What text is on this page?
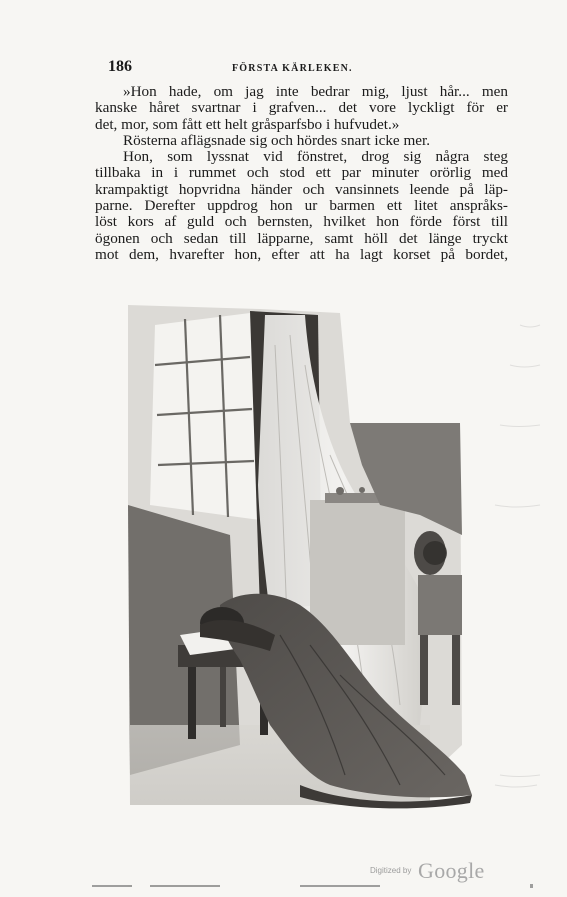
186	FÖRSTA KÄRLEKEN.

»Hon hade, om jag inte bedrar mig, ljust hår... men
kanske håret svartnar i grafven... det vore lyckligt för er
det, mor, som fått ett helt gråsparfsbo i hufvudet.»

Rösterna aflägsnade sig och hördes snart icke mer.

Hon, som lyssnat vid fönstret, drog sig några steg
tillbaka in i rummet och stod ett par minuter orörlig med
krampaktigt hopvridna händer och vansinnets leende på läp-
parne. Derefter uppdrog hon ur barmen ett litet anspråks-
löst kors af guld och bernsten, hvilket hon förde först till
ögonen och sedan till läpparne, samt höll det länge tryckt
mot dem, hvarefter hon, efter att ha lagt korset på bordet,

Digitized by Google
